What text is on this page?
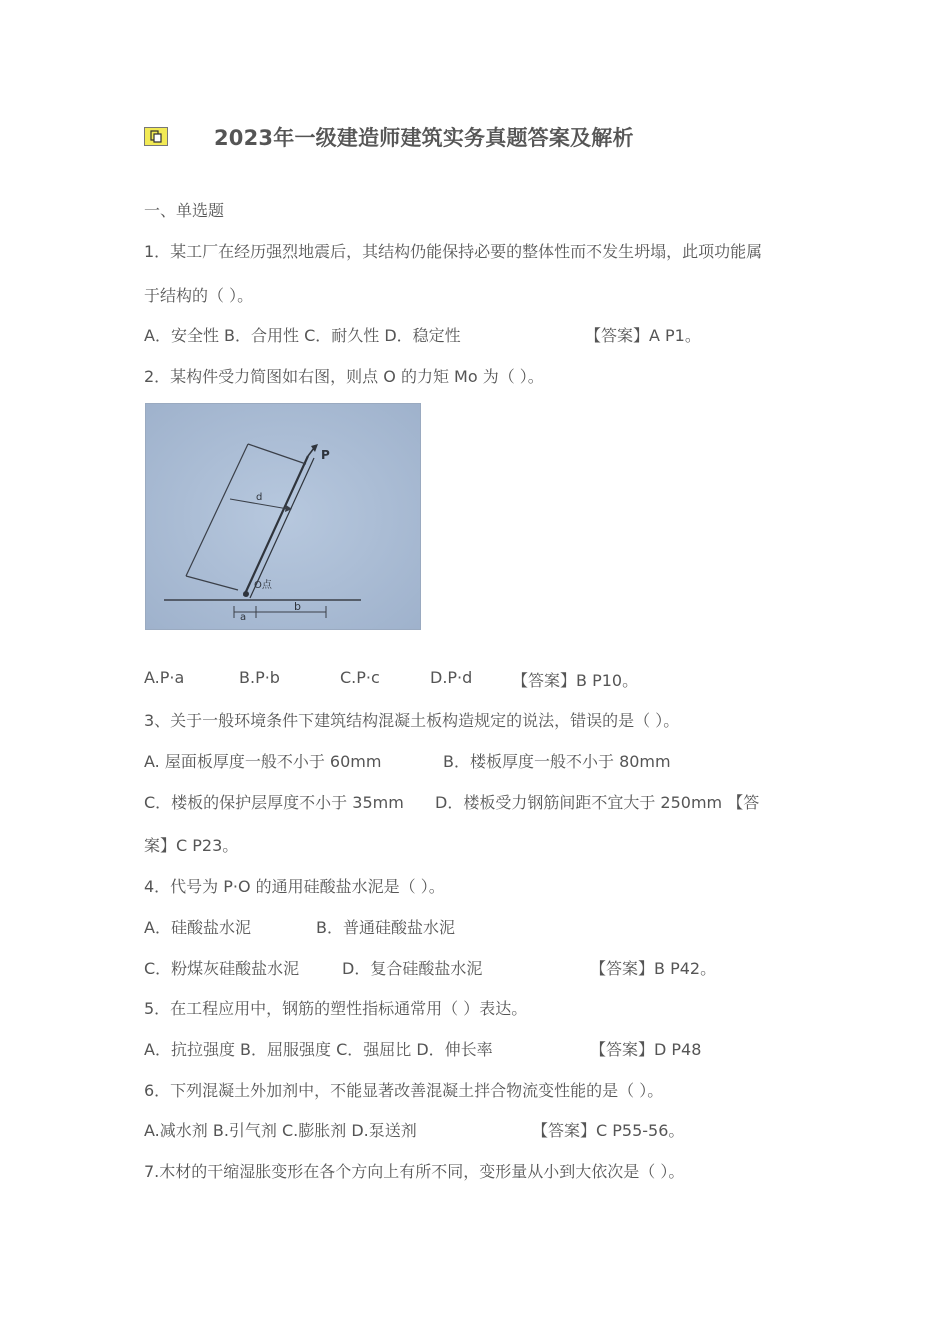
2023年一级建造师建筑实务真题答案及解析
一、单选题
1．某工厂在经历强烈地震后，其结构仍能保持必要的整体性而不发生坍塌，此项功能属
于结构的（ ）。
A．安全性 B．合用性 C．耐久性 D．稳定性	【答案】A P1。
2．某构件受力简图如右图，则点 O 的力矩 Mo 为（ ）。
P
O点
a
b
d
A.P·a	B.P·b	C.P·c	D.P·d 【答案】B P10。
3、关于一般环境条件下建筑结构混凝土板构造规定的说法，错误的是（ ）。
A. 屋面板厚度一般不小于 60mm	B．楼板厚度一般不小于 80mm
C．楼板的保护层厚度不小于 35mm D．楼板受力钢筋间距不宜大于 250mm 【答
案】C P23。
4．代号为 P·O 的通用硅酸盐水泥是（ ）。
A．硅酸盐水泥	B．普通硅酸盐水泥
C．粉煤灰硅酸盐水泥	D．复合硅酸盐水泥	【答案】B P42。
5．在工程应用中，钢筋的塑性指标通常用（ ）表达。
A．抗拉强度 B．屈服强度 C．强屈比 D．伸长率	【答案】D P48
6．下列混凝土外加剂中，不能显著改善混凝土拌合物流变性能的是（ ）。
A.减水剂 B.引气剂 C.膨胀剂 D.泵送剂	【答案】C P55-56。
7.木材的干缩湿胀变形在各个方向上有所不同，变形量从小到大依次是（ ）。
